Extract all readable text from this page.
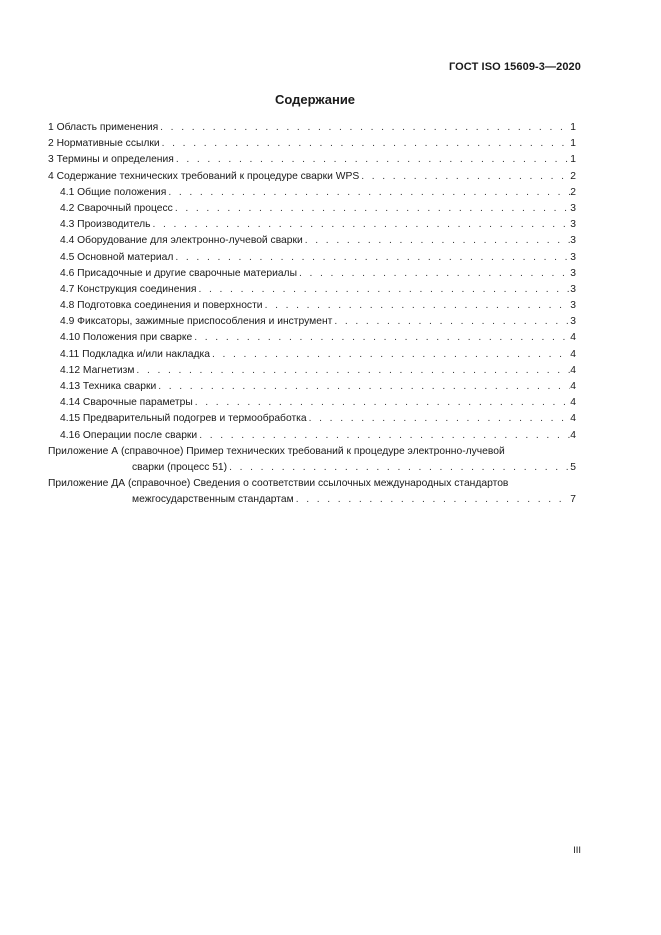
ГОСТ ISO 15609-3—2020
Содержание
1 Область применения . . .	1
2 Нормативные ссылки . . .	1
3 Термины и определения . . .	1
4 Содержание технических требований к процедуре сварки WPS . . .	2
4.1 Общие положения . . .	2
4.2 Сварочный процесс . . .	3
4.3 Производитель . . .	3
4.4 Оборудование для электронно-лучевой сварки . . .	3
4.5 Основной материал . . .	3
4.6 Присадочные и другие сварочные материалы . . .	3
4.7 Конструкция соединения . . .	3
4.8 Подготовка соединения и поверхности . . .	3
4.9 Фиксаторы, зажимные приспособления и инструмент . . .	3
4.10 Положения при сварке . . .	4
4.11 Подкладка и/или накладка . . .	4
4.12 Магнетизм . . .	4
4.13 Техника сварки . . .	4
4.14 Сварочные параметры . . .	4
4.15 Предварительный подогрев и термообработка . . .	4
4.16 Операции после сварки . . .	4
Приложение А (справочное) Пример технических требований к процедуре электронно-лучевой
сварки (процесс 51) . . .	5
Приложение ДА (справочное) Сведения о соответствии ссылочных международных стандартов
межгосударственным стандартам . . .	7
III
